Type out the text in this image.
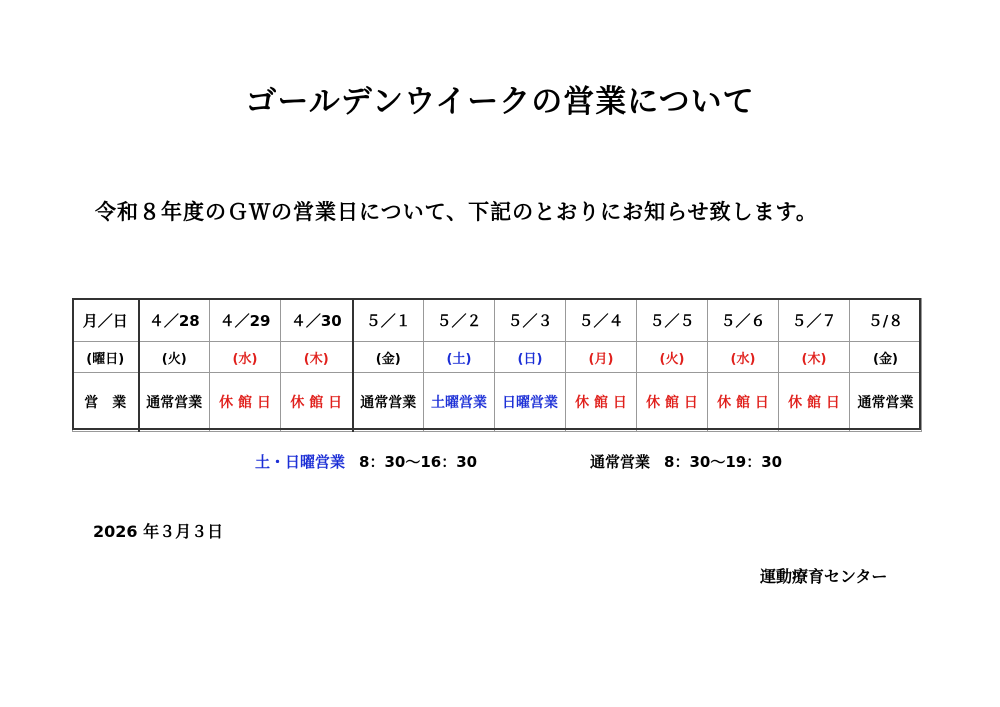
ゴールデンウイークの営業について
令和８年度のＧＷの営業日について、下記のとおりにお知らせ致します。
月／日	４／28	４／29	４／30	５／１	５／２	５／３	５／４	５／５	５／６	５／７	５/８
(曜日)	(火)	(水)	(木)	(金)	(土)	(日)	(月)	(火)	(水)	(木)	(金)
営　業	通常営業	休 館 日	休 館 日	通常営業	土曜営業	日曜営業	休 館 日	休 館 日	休 館 日	休 館 日	通常営業
土・日曜営業 8：30〜16：30	通常営業 8：30〜19：30
2026 年３月３日
運動療育センター
